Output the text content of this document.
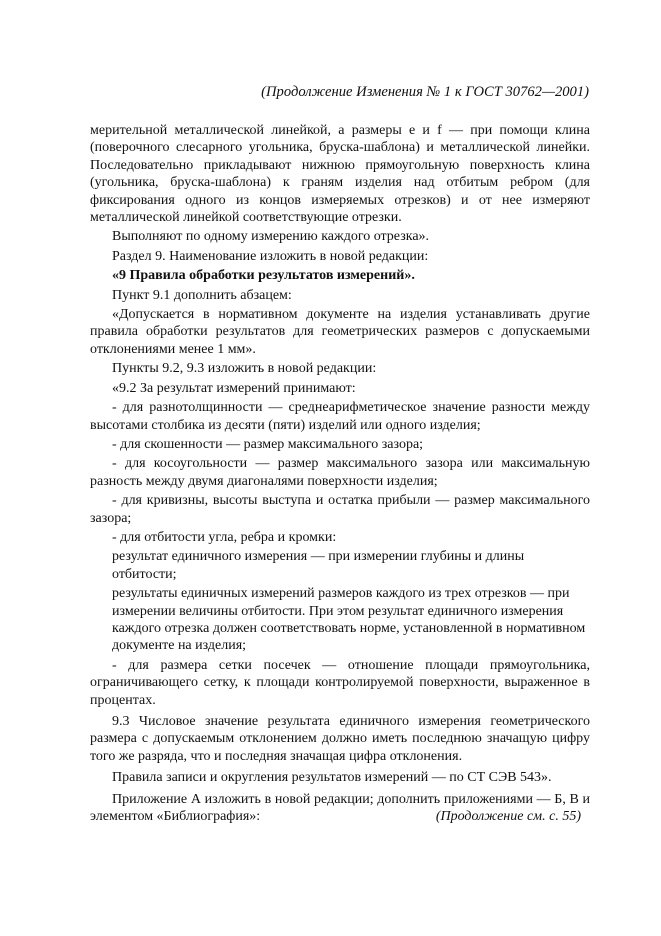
(Продолжение Изменения № 1 к ГОСТ 30762—2001)

мерительной металлической линейкой, а размеры e и f — при помощи клина (поверочного слесарного угольника, бруска-шаблона) и металлической линейки. Последовательно прикладывают нижнюю прямоугольную поверхность клина (угольника, бруска-шаблона) к граням изделия над отбитым ребром (для фиксирования одного из концов измеряемых отрезков) и от нее измеряют металлической линейкой соответствующие отрезки.

Выполняют по одному измерению каждого отрезка».

Раздел 9. Наименование изложить в новой редакции:

«9 Правила обработки результатов измерений».

Пункт 9.1 дополнить абзацем:

«Допускается в нормативном документе на изделия устанавливать другие правила обработки результатов для геометрических размеров с допускаемыми отклонениями менее 1 мм».

Пункты 9.2, 9.3 изложить в новой редакции:

«9.2 За результат измерений принимают:

- для разнотолщинности — среднеарифметическое значение разности между высотами столбика из десяти (пяти) изделий или одного изделия;

- для скошенности — размер максимального зазора;

- для косоугольности — размер максимального зазора или максимальную разность между двумя диагоналями поверхности изделия;

- для кривизны, высоты выступа и остатка прибыли — размер максимального зазора;

- для отбитости угла, ребра и кромки:

результат единичного измерения — при измерении глубины и длины отбитости;

результаты единичных измерений размеров каждого из трех отрезков — при измерении величины отбитости. При этом результат единичного измерения каждого отрезка должен соответствовать норме, установленной в нормативном документе на изделия;

- для размера сетки посечек — отношение площади прямоугольника, ограничивающего сетку, к площади контролируемой поверхности, выраженное в процентах.

9.3 Числовое значение результата единичного измерения геометрического размера с допускаемым отклонением должно иметь последнюю значащую цифру того же разряда, что и последняя значащая цифра отклонения.

Правила записи и округления результатов измерений — по СТ СЭВ 543».

Приложение А изложить в новой редакции; дополнить приложениями — Б, В и элементом «Библиография»:	(Продолжение см. с. 55)
